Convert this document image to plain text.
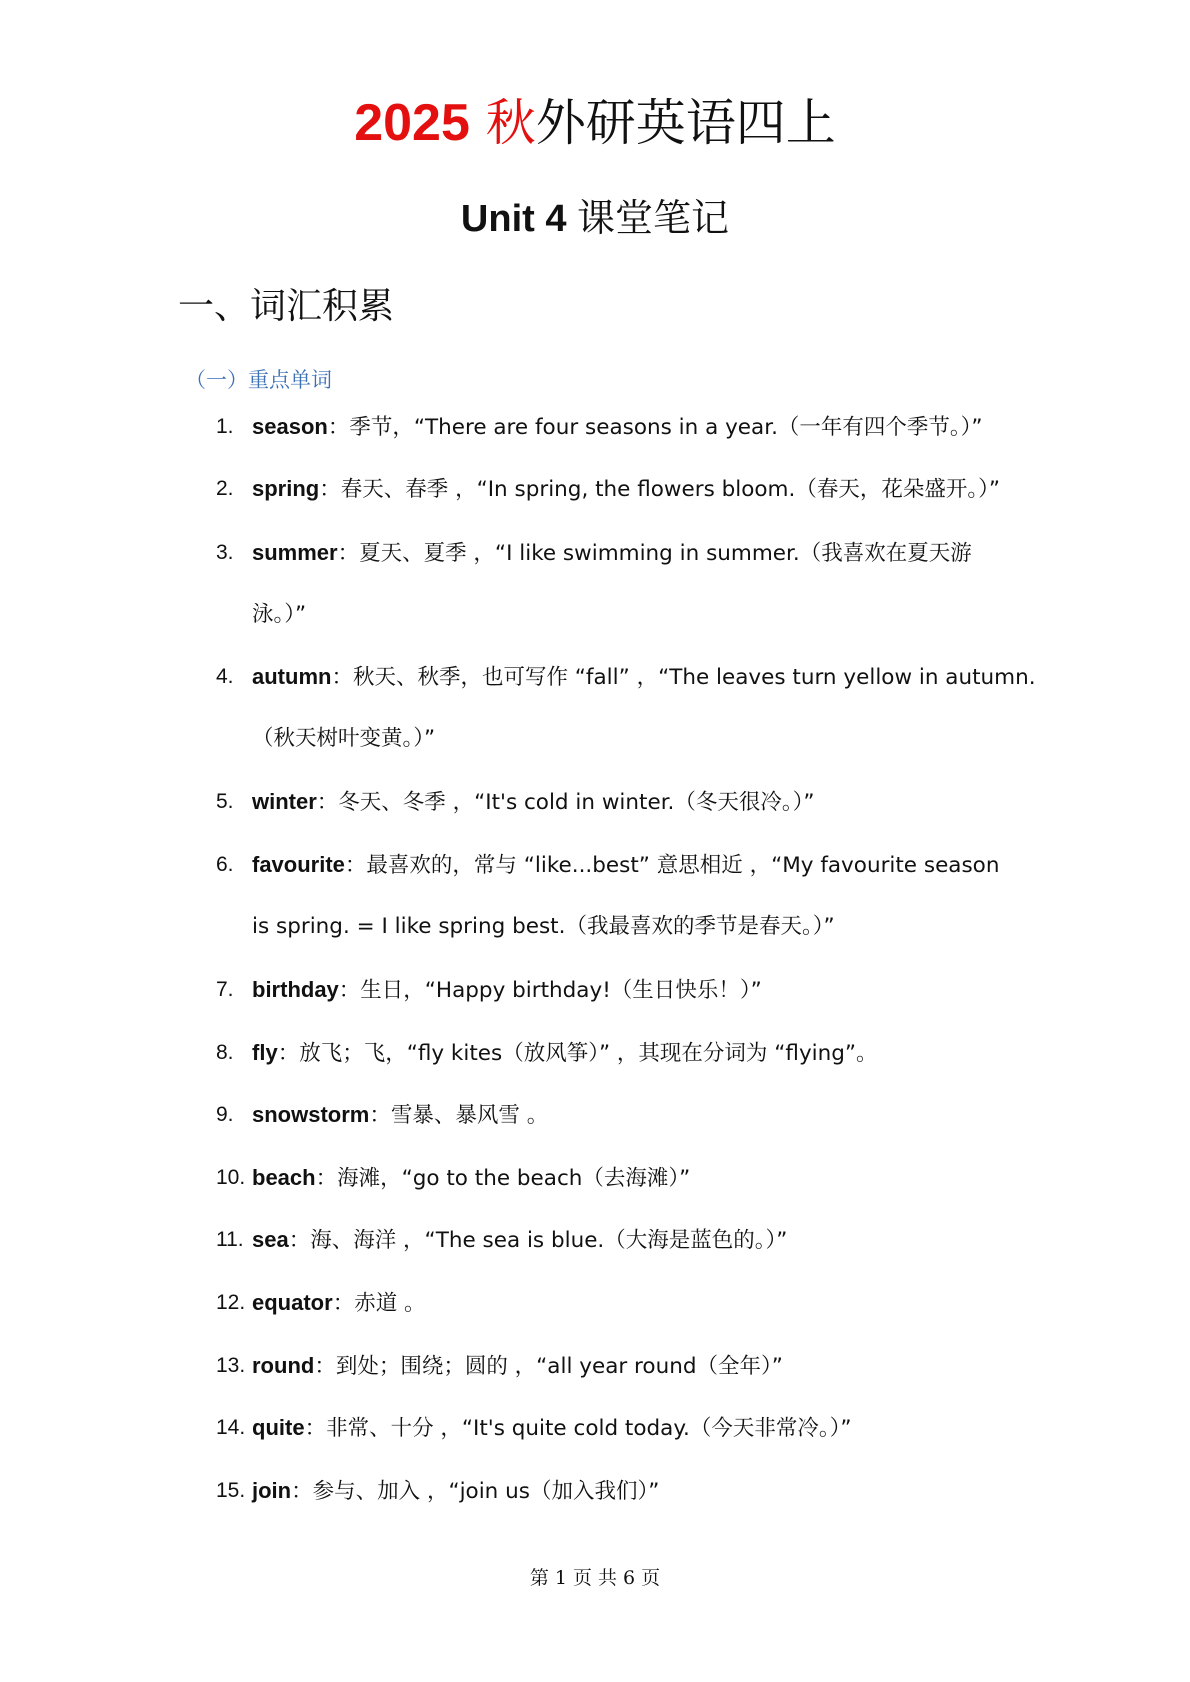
2025 秋外研英语四上
Unit 4 课堂笔记
一、词汇积累
（一）重点单词
1. season：季节，“There are four seasons in a year.（一年有四个季节。）”
2. spring：春天、春季 ，“In spring, the flowers bloom.（春天，花朵盛开。）”
3. summer：夏天、夏季 ，“I like swimming in summer.（我喜欢在夏天游
泳。）”
4. autumn：秋天、秋季，也可写作 “fall” ，“The leaves turn yellow in autumn.
（秋天树叶变黄。）”
5. winter：冬天、冬季 ，“It's cold in winter.（冬天很冷。）”
6. favourite：最喜欢的，常与 “like...best” 意思相近 ，“My favourite season
is spring. = I like spring best.（我最喜欢的季节是春天。）”
7. birthday：生日，“Happy birthday!（生日快乐！）”
8. fly：放飞；飞，“fly kites（放风筝）” ，其现在分词为 “flying”。
9. snowstorm：雪暴、暴风雪 。
10. beach：海滩，“go to the beach（去海滩）”
11. sea：海、海洋 ，“The sea is blue.（大海是蓝色的。）”
12. equator：赤道 。
13. round：到处；围绕；圆的 ，“all year round（全年）”
14. quite：非常、十分 ，“It's quite cold today.（今天非常冷。）”
15. join：参与、加入 ，“join us（加入我们）”
第 1 页 共 6 页
